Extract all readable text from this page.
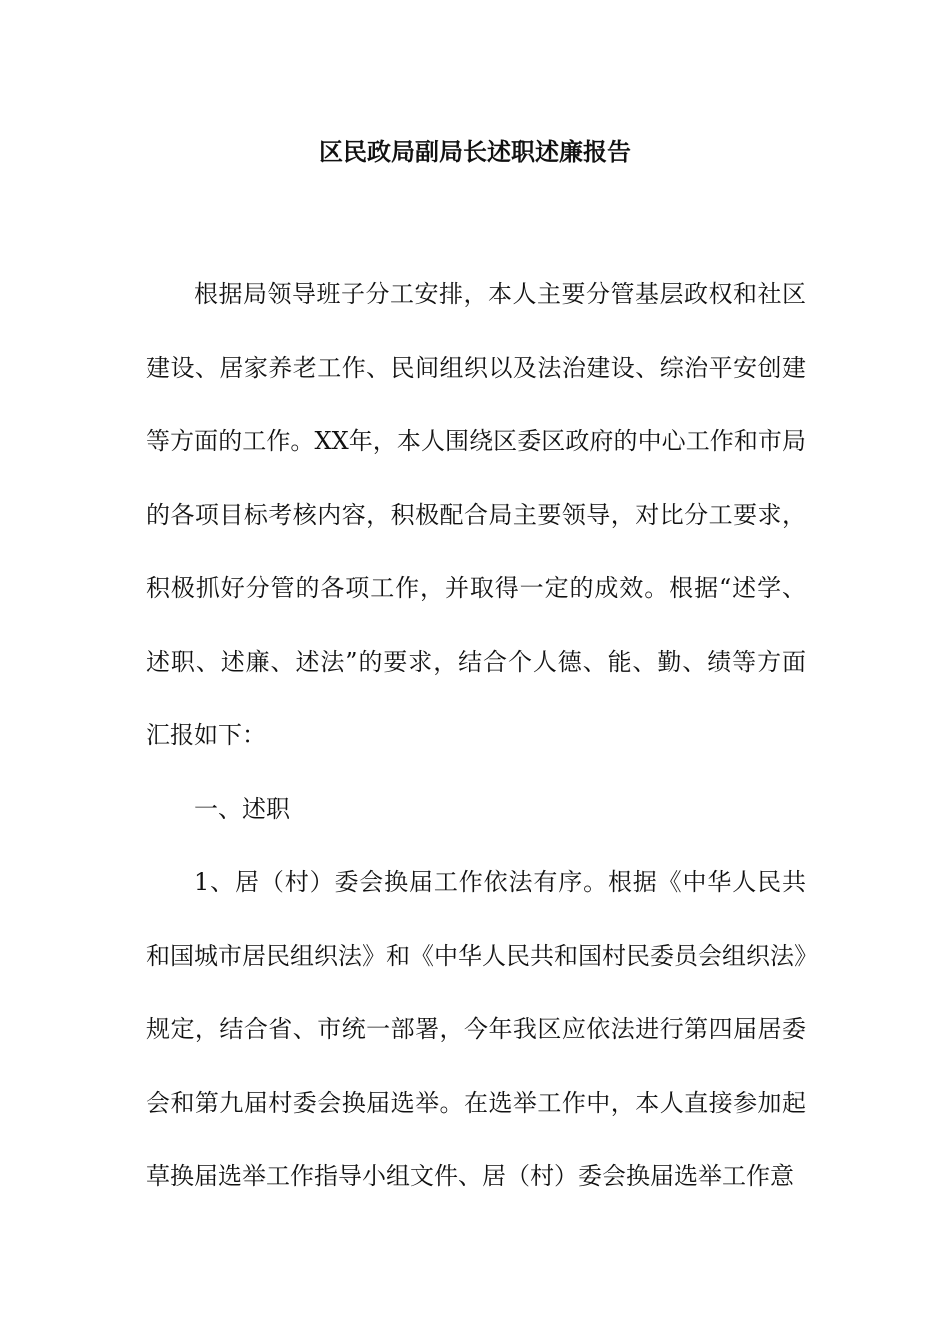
区民政局副局长述职述廉报告

根据局领导班子分工安排，本人主要分管基层政权和社区建设、居家养老工作、民间组织以及法治建设、综治平安创建等方面的工作。XX年，本人围绕区委区政府的中心工作和市局的各项目标考核内容，积极配合局主要领导，对比分工要求，积极抓好分管的各项工作，并取得一定的成效。根据“述学、述职、述廉、述法”的要求，结合个人德、能、勤、绩等方面汇报如下：

一、述职

1、居（村）委会换届工作依法有序。根据《中华人民共和国城市居民组织法》和《中华人民共和国村民委员会组织法》规定，结合省、市统一部署，今年我区应依法进行第四届居委会和第九届村委会换届选举。在选举工作中，本人直接参加起草换届选举工作指导小组文件、居（村）委会换届选举工作意
